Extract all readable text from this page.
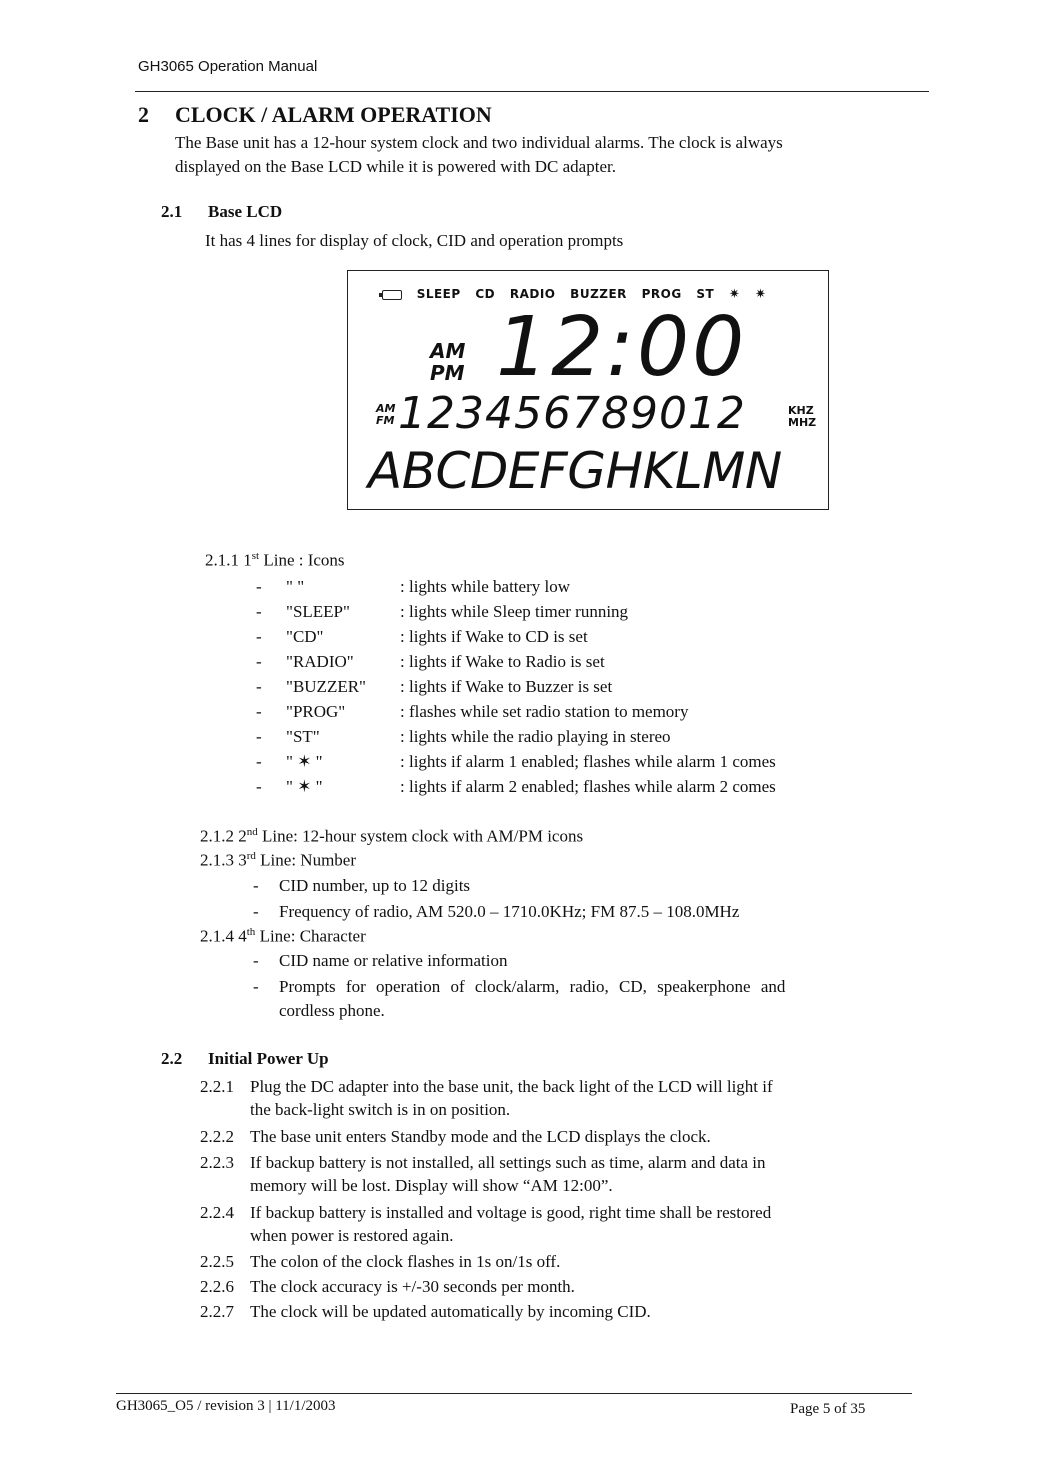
GH3065 Operation Manual
2 CLOCK / ALARM OPERATION
The Base unit has a 12-hour system clock and two individual alarms. The clock is always
displayed on the Base LCD while it is powered with DC adapter.
2.1 Base LCD
It has 4 lines for display of clock, CID and operation prompts
SLEEP CD RADIO BUZZER PROG ST ✷ ✷
AM
PM 12:00
AM
FM 123456789012	KHZ
MHZ
ABCDEFGHKLMN
2.1.1 1st Line : Icons
- " "	: lights while battery low
- "SLEEP"	: lights while Sleep timer running
- "CD"	: lights if Wake to CD is set
- "RADIO"	: lights if Wake to Radio is set
- "BUZZER" : lights if Wake to Buzzer is set
- "PROG"	: flashes while set radio station to memory
- "ST"	: lights while the radio playing in stereo
- " ✶ "	: lights if alarm 1 enabled; flashes while alarm 1 comes
- " ✶ "	: lights if alarm 2 enabled; flashes while alarm 2 comes
2.1.2 2nd Line: 12-hour system clock with AM/PM icons
2.1.3 3rd Line: Number
- CID number, up to 12 digits
- Frequency of radio, AM 520.0 – 1710.0KHz; FM 87.5 – 108.0MHz
2.1.4 4th Line: Character
- CID name or relative information
- Prompts for operation of clock/alarm, radio, CD, speakerphone and
cordless phone.
2.2 Initial Power Up
2.2.1 Plug the DC adapter into the base unit, the back light of the LCD will light if
the back-light switch is in on position.
2.2.2 The base unit enters Standby mode and the LCD displays the clock.
2.2.3 If backup battery is not installed, all settings such as time, alarm and data in
memory will be lost. Display will show “AM 12:00”.
2.2.4 If backup battery is installed and voltage is good, right time shall be restored
when power is restored again.
2.2.5 The colon of the clock flashes in 1s on/1s off.
2.2.6 The clock accuracy is +/-30 seconds per month.
2.2.7 The clock will be updated automatically by incoming CID.
GH3065_O5 / revision 3 | 11/1/2003	Page 5 of 35
